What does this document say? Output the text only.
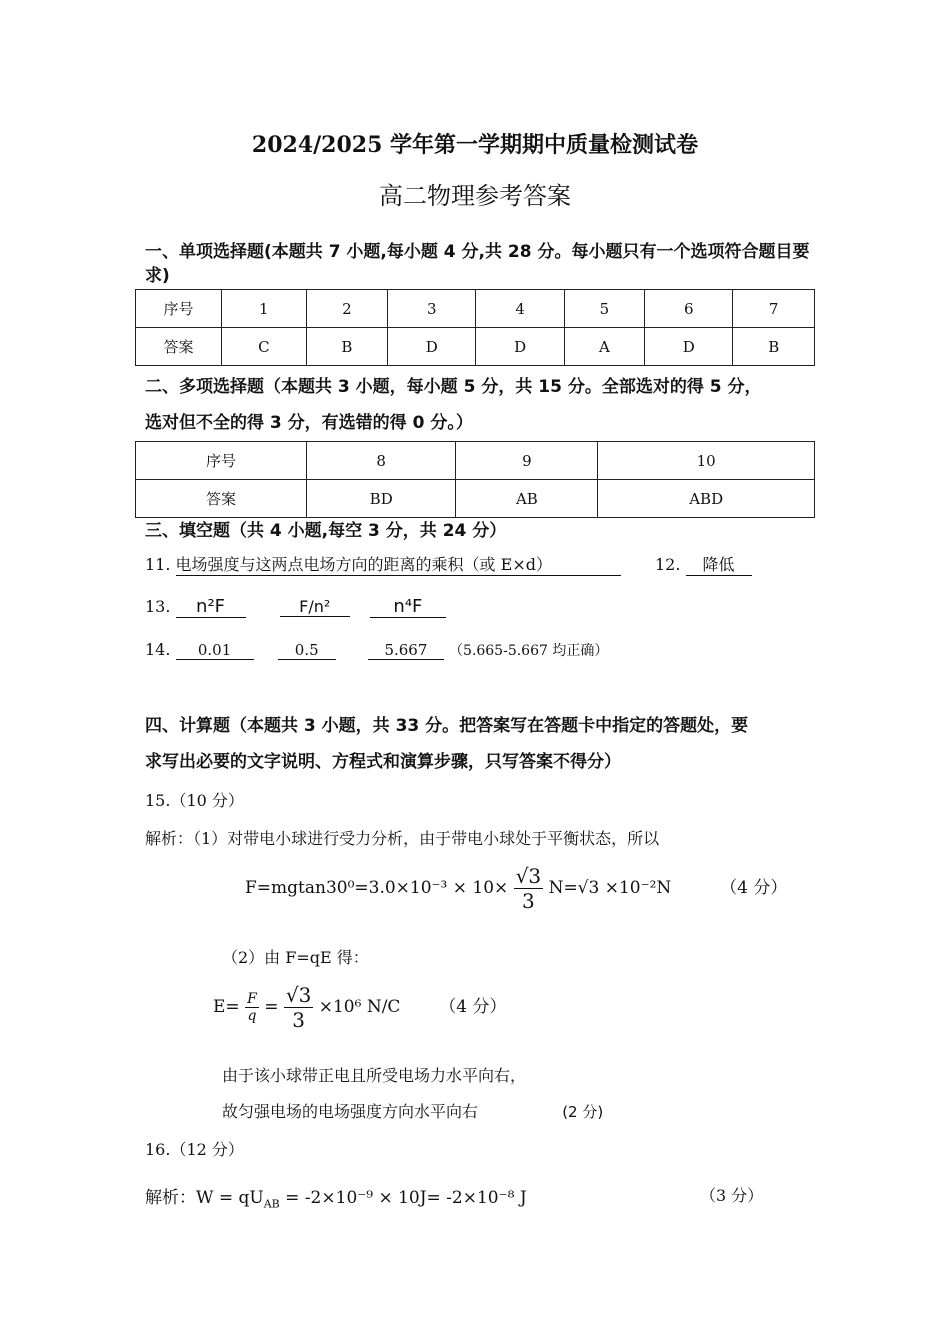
2024/2025 学年第一学期期中质量检测试卷
高二物理参考答案
一、单项选择题(本题共 7 小题,每小题 4 分,共 28 分。每小题只有一个选项符合题目要求)
序号	1	2	3	4	5	6	7
答案	C	B	D	D	A	D	B
二、多项选择题（本题共 3 小题，每小题 5 分，共 15 分。全部选对的得 5 分，
选对但不全的得 3 分，有选错的得 0 分。）
序号	8	9	10
答案	BD	AB	ABD
三、填空题（共 4 小题,每空 3 分，共 24 分）
11. 电场强度与这两点电场方向的距离的乘积（或 E×d）	12. 降低
13. n²F	F/n²	n⁴F
14. 0.01	0.5	5.667 （5.665-5.667 均正确）
四、计算题（本题共 3 小题，共 33 分。把答案写在答题卡中指定的答题处，要
求写出必要的文字说明、方程式和演算步骤，只写答案不得分）
15.（10 分）
解析：（1）对带电小球进行受力分析，由于带电小球处于平衡状态，所以
$F=mgtan30^0=3.0\times 10^{-3} \times 10\times \frac{√3}{3} N=√3 \times 10^{-2}N$	（4 分）
（2）由 F=qE 得：
$E= \frac{F}{q} = \frac{√3}{3} \times 10^6$ N/C （4 分）
由于该小球带正电且所受电场力水平向右，
故匀强电场的电场强度方向水平向右	(2 分)
16.（12 分）
解析：$W = qU_{AB} = -2\times 10^{-9} \times 10J= -2\times 10^{-8}$ J	（3 分）
